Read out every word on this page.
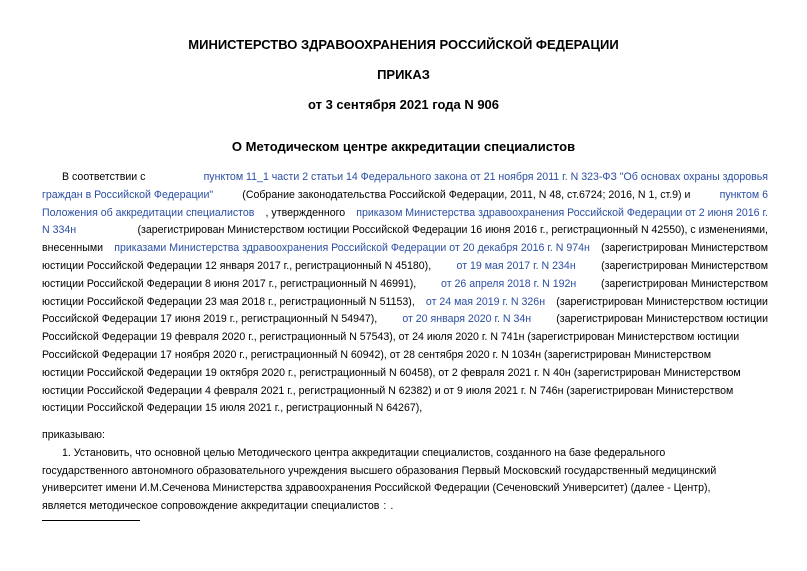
МИНИСТЕРСТВО ЗДРАВООХРАНЕНИЯ РОССИЙСКОЙ ФЕДЕРАЦИИ

ПРИКАЗ

от 3 сентября 2021 года N 906

О Методическом центре аккредитации специалистов

В соответствии с	пунктом 11_1 части 2 статьи 14 Федерального закона от 21 ноября 2011 г. N 323-ФЗ "Об основах охраны здоровья
граждан в Российской Федерации"	(Собрание законодательства Российской Федерации, 2011, N 48, ст.6724; 2016, N 1, ст.9) и	пунктом 6
Положения об аккредитации специалистов , утвержденного приказом Министерства здравоохранения Российской Федерации от 2 июня 2016 г.
N 334н	(зарегистрирован Министерством юстиции Российской Федерации 16 июня 2016 г., регистрационный N 42550), с изменениями,
внесенными приказами Министерства здравоохранения Российской Федерации от 20 декабря 2016 г. N 974н (зарегистрирован Министерством
юстиции Российской Федерации 12 января 2017 г., регистрационный N 45180), от 19 мая 2017 г. N 234н (зарегистрирован Министерством
юстиции Российской Федерации 8 июня 2017 г., регистрационный N 46991), от 26 апреля 2018 г. N 192н (зарегистрирован Министерством
юстиции Российской Федерации 23 мая 2018 г., регистрационный N 51153), от 24 мая 2019 г. N 326н (зарегистрирован Министерством юстиции
Российской Федерации 17 июня 2019 г., регистрационный N 54947), от 20 января 2020 г. N 34н (зарегистрирован Министерством юстиции
Российской Федерации 19 февраля 2020 г., регистрационный N 57543), от 24 июля 2020 г. N 741н (зарегистрирован Министерством юстиции
Российской Федерации 17 ноября 2020 г., регистрационный N 60942), от 28 сентября 2020 г. N 1034н (зарегистрирован Министерством
юстиции Российской Федерации 19 октября 2020 г., регистрационный N 60458), от 2 февраля 2021 г. N 40н (зарегистрирован Министерством
юстиции Российской Федерации 4 февраля 2021 г., регистрационный N 62382) и от 9 июля 2021 г. N 746н (зарегистрирован Министерством
юстиции Российской Федерации 15 июля 2021 г., регистрационный N 64267),
приказываю:
1. Установить, что основной целью Методического центра аккредитации специалистов, созданного на базе федерального
государственного автономного образовательного учреждения высшего образования Первый Московский государственный медицинский
университет имени И.М.Сеченова Министерства здравоохранения Российской Федерации (Сеченовский Университет) (далее - Центр),
является методическое сопровождение аккредитации специалистов : .
